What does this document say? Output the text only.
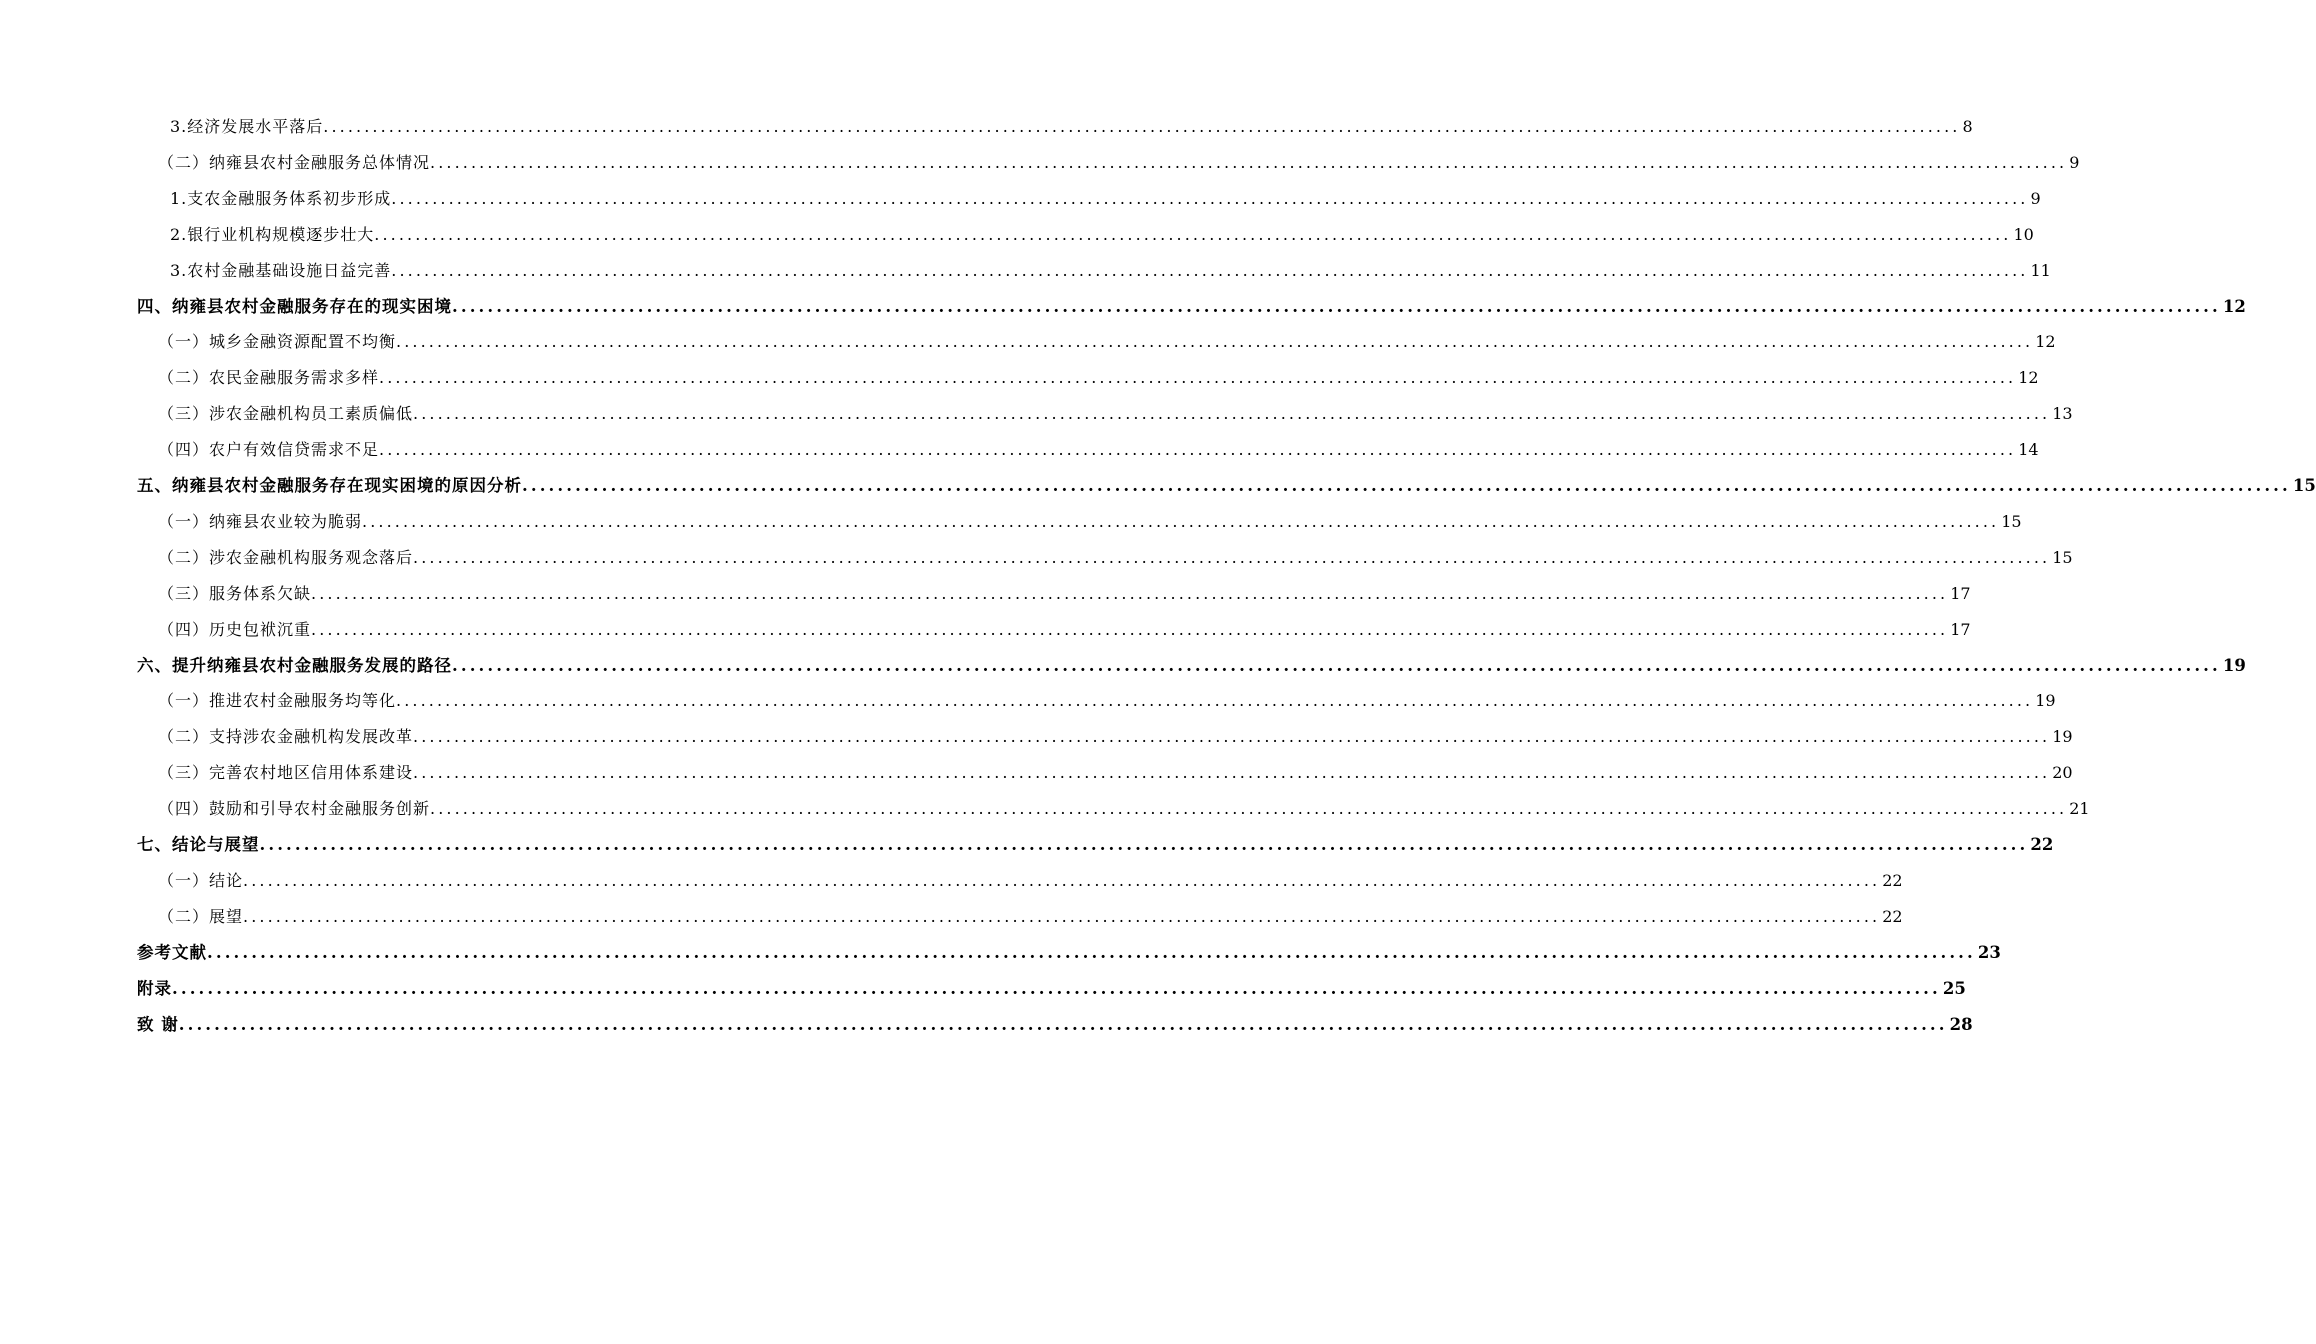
3.经济发展水平落后 ........................................................................................................................................................................................................ 8
（二）纳雍县农村金融服务总体情况 ........................................................................................................................................................................................................ 9
1.支农金融服务体系初步形成 ........................................................................................................................................................................................................ 9
2.银行业机构规模逐步壮大 ........................................................................................................................................................................................................ 10
3.农村金融基础设施日益完善 ........................................................................................................................................................................................................ 11
四、纳雍县农村金融服务存在的现实困境 ........................................................................................................................................................................................................ 12
（一）城乡金融资源配置不均衡 ........................................................................................................................................................................................................ 12
（二）农民金融服务需求多样 ........................................................................................................................................................................................................ 12
（三）涉农金融机构员工素质偏低 ........................................................................................................................................................................................................ 13
（四）农户有效信贷需求不足 ........................................................................................................................................................................................................ 14
五、纳雍县农村金融服务存在现实困境的原因分析 ........................................................................................................................................................................................................ 15
（一）纳雍县农业较为脆弱 ........................................................................................................................................................................................................ 15
（二）涉农金融机构服务观念落后 ........................................................................................................................................................................................................ 15
（三）服务体系欠缺 ........................................................................................................................................................................................................ 17
（四）历史包袱沉重 ........................................................................................................................................................................................................ 17
六、提升纳雍县农村金融服务发展的路径 ........................................................................................................................................................................................................ 19
（一）推进农村金融服务均等化 ........................................................................................................................................................................................................ 19
（二）支持涉农金融机构发展改革 ........................................................................................................................................................................................................ 19
（三）完善农村地区信用体系建设 ........................................................................................................................................................................................................ 20
（四）鼓励和引导农村金融服务创新 ........................................................................................................................................................................................................ 21
七、结论与展望 ........................................................................................................................................................................................................ 22
（一）结论 ........................................................................................................................................................................................................ 22
（二）展望 ........................................................................................................................................................................................................ 22
参考文献 ........................................................................................................................................................................................................ 23
附录 ........................................................................................................................................................................................................ 25
致 谢 ........................................................................................................................................................................................................ 28
